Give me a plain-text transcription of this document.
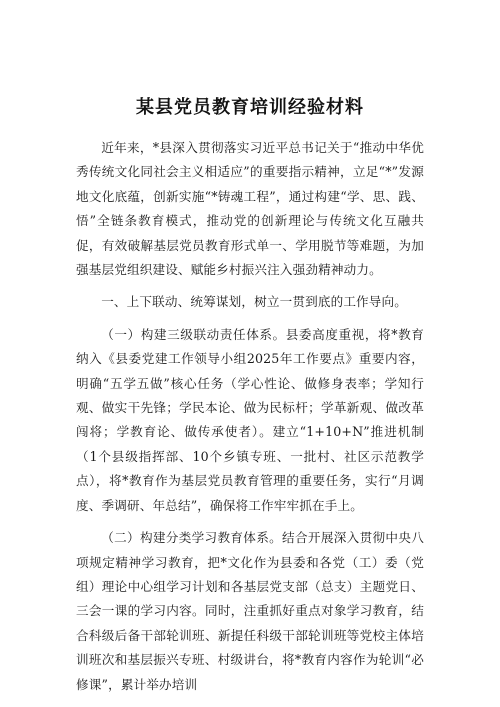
某县党员教育培训经验材料

近年来，*县深入贯彻落实习近平总书记关于“推动中华优秀传统文化同社会主义相适应”的重要指示精神，立足“*”发源地文化底蕴，创新实施“*铸魂工程”，通过构建“学、思、践、悟”全链条教育模式，推动党的创新理论与传统文化互融共促，有效破解基层党员教育形式单一、学用脱节等难题，为加强基层党组织建设、赋能乡村振兴注入强劲精神动力。

一、上下联动、统筹谋划，树立一贯到底的工作导向。

（一）构建三级联动责任体系。县委高度重视，将*教育纳入《县委党建工作领导小组2025年工作要点》重要内容，明确“五学五做”核心任务（学心性论、做修身表率；学知行观、做实干先锋；学民本论、做为民标杆；学革新观、做改革闯将；学教育论、做传承使者）。建立“1+10+N”推进机制（1个县级指挥部、10个乡镇专班、一批村、社区示范教学点），将*教育作为基层党员教育管理的重要任务，实行“月调度、季调研、年总结”，确保将工作牢牢抓在手上。

（二）构建分类学习教育体系。结合开展深入贯彻中央八项规定精神学习教育，把*文化作为县委和各党（工）委（党组）理论中心组学习计划和各基层党支部（总支）主题党日、三会一课的学习内容。同时，注重抓好重点对象学习教育，结合科级后备干部轮训班、新提任科级干部轮训班等党校主体培训班次和基层振兴专班、村级讲台，将*教育内容作为轮训“必修课”，累计举办培训
